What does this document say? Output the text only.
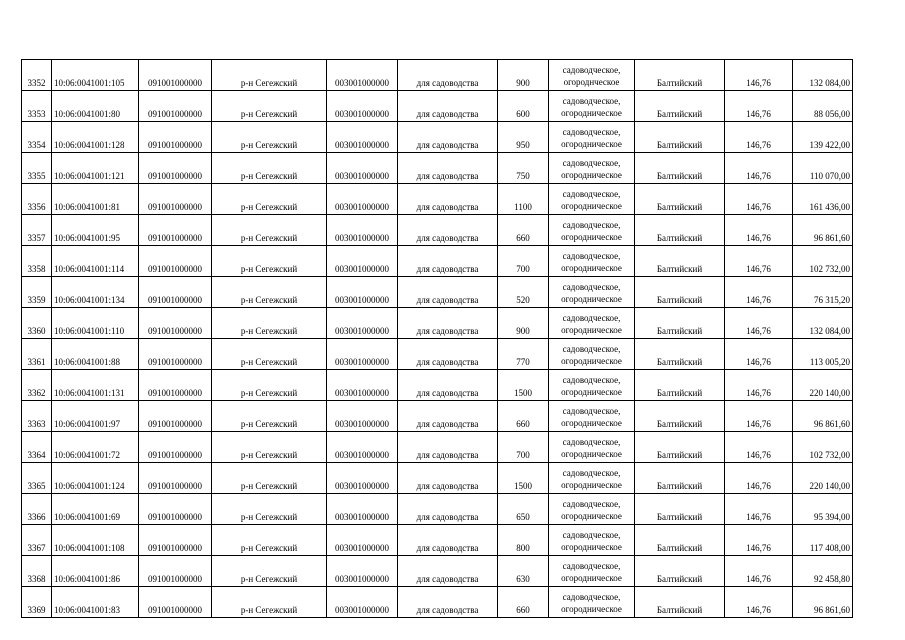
3352	10:06:0041001:105	091001000000	р-н Сегежский	003001000000	для садоводства	900	садоводческое,
огороднческое	Балтийский	146,76	132 084,00
3353	10:06:0041001:80	091001000000	р-н Сегежский	003001000000	для садоводства	600	садоводческое,
огородническое	Балтийский	146,76	88 056,00
3354	10:06:0041001:128	091001000000	р-н Сегежский	003001000000	для садоводства	950	садоводческое,
огородническое	Балтийский	146,76	139 422,00
3355	10:06:0041001:121	091001000000	р-н Сегежский	003001000000	для садоводства	750	садоводческое,
огородническое	Балтийский	146,76	110 070,00
3356	10:06:0041001:81	091001000000	р-н Сегежский	003001000000	для садоводства	1100	садоводческое,
огородническое	Балтийский	146,76	161 436,00
3357	10:06:0041001:95	091001000000	р-н Сегежский	003001000000	для садоводства	660	садоводческое,
огородническое	Балтийский	146,76	96 861,60
3358	10:06:0041001:114	091001000000	р-н Сегежский	003001000000	для садоводства	700	садоводческое,
огородническое	Балтийский	146,76	102 732,00
3359	10:06:0041001:134	091001000000	р-н Сегежский	003001000000	для садоводства	520	садоводческое,
огородническое	Балтийский	146,76	76 315,20
3360	10:06:0041001:110	091001000000	р-н Сегежский	003001000000	для садоводства	900	садоводческое,
огородническое	Балтийский	146,76	132 084,00
3361	10:06:0041001:88	091001000000	р-н Сегежский	003001000000	для садоводства	770	садоводческое,
огородническое	Балтийский	146,76	113 005,20
3362	10:06:0041001:131	091001000000	р-н Сегежский	003001000000	для садоводства	1500	садоводческое,
огородническое	Балтийский	146,76	220 140,00
3363	10:06:0041001:97	091001000000	р-н Сегежский	003001000000	для садоводства	660	садоводческое,
огородническое	Балтийский	146,76	96 861,60
3364	10:06:0041001:72	091001000000	р-н Сегежский	003001000000	для садоводства	700	садоводческое,
огородническое	Балтийский	146,76	102 732,00
3365	10:06:0041001:124	091001000000	р-н Сегежский	003001000000	для садоводства	1500	садоводческое,
огородническое	Балтийский	146,76	220 140,00
3366	10:06:0041001:69	091001000000	р-н Сегежский	003001000000	для садоводства	650	садоводческое,
огородническое	Балтийский	146,76	95 394,00
3367	10:06:0041001:108	091001000000	р-н Сегежский	003001000000	для садоводства	800	садоводческое,
огородническое	Балтийский	146,76	117 408,00
3368	10:06:0041001:86	091001000000	р-н Сегежский	003001000000	для садоводства	630	садоводческое,
огородническое	Балтийский	146,76	92 458,80
3369	10:06:0041001:83	091001000000	р-н Сегежский	003001000000	для садоводства	660	садоводческое,
огородническое	Балтийский	146,76	96 861,60
